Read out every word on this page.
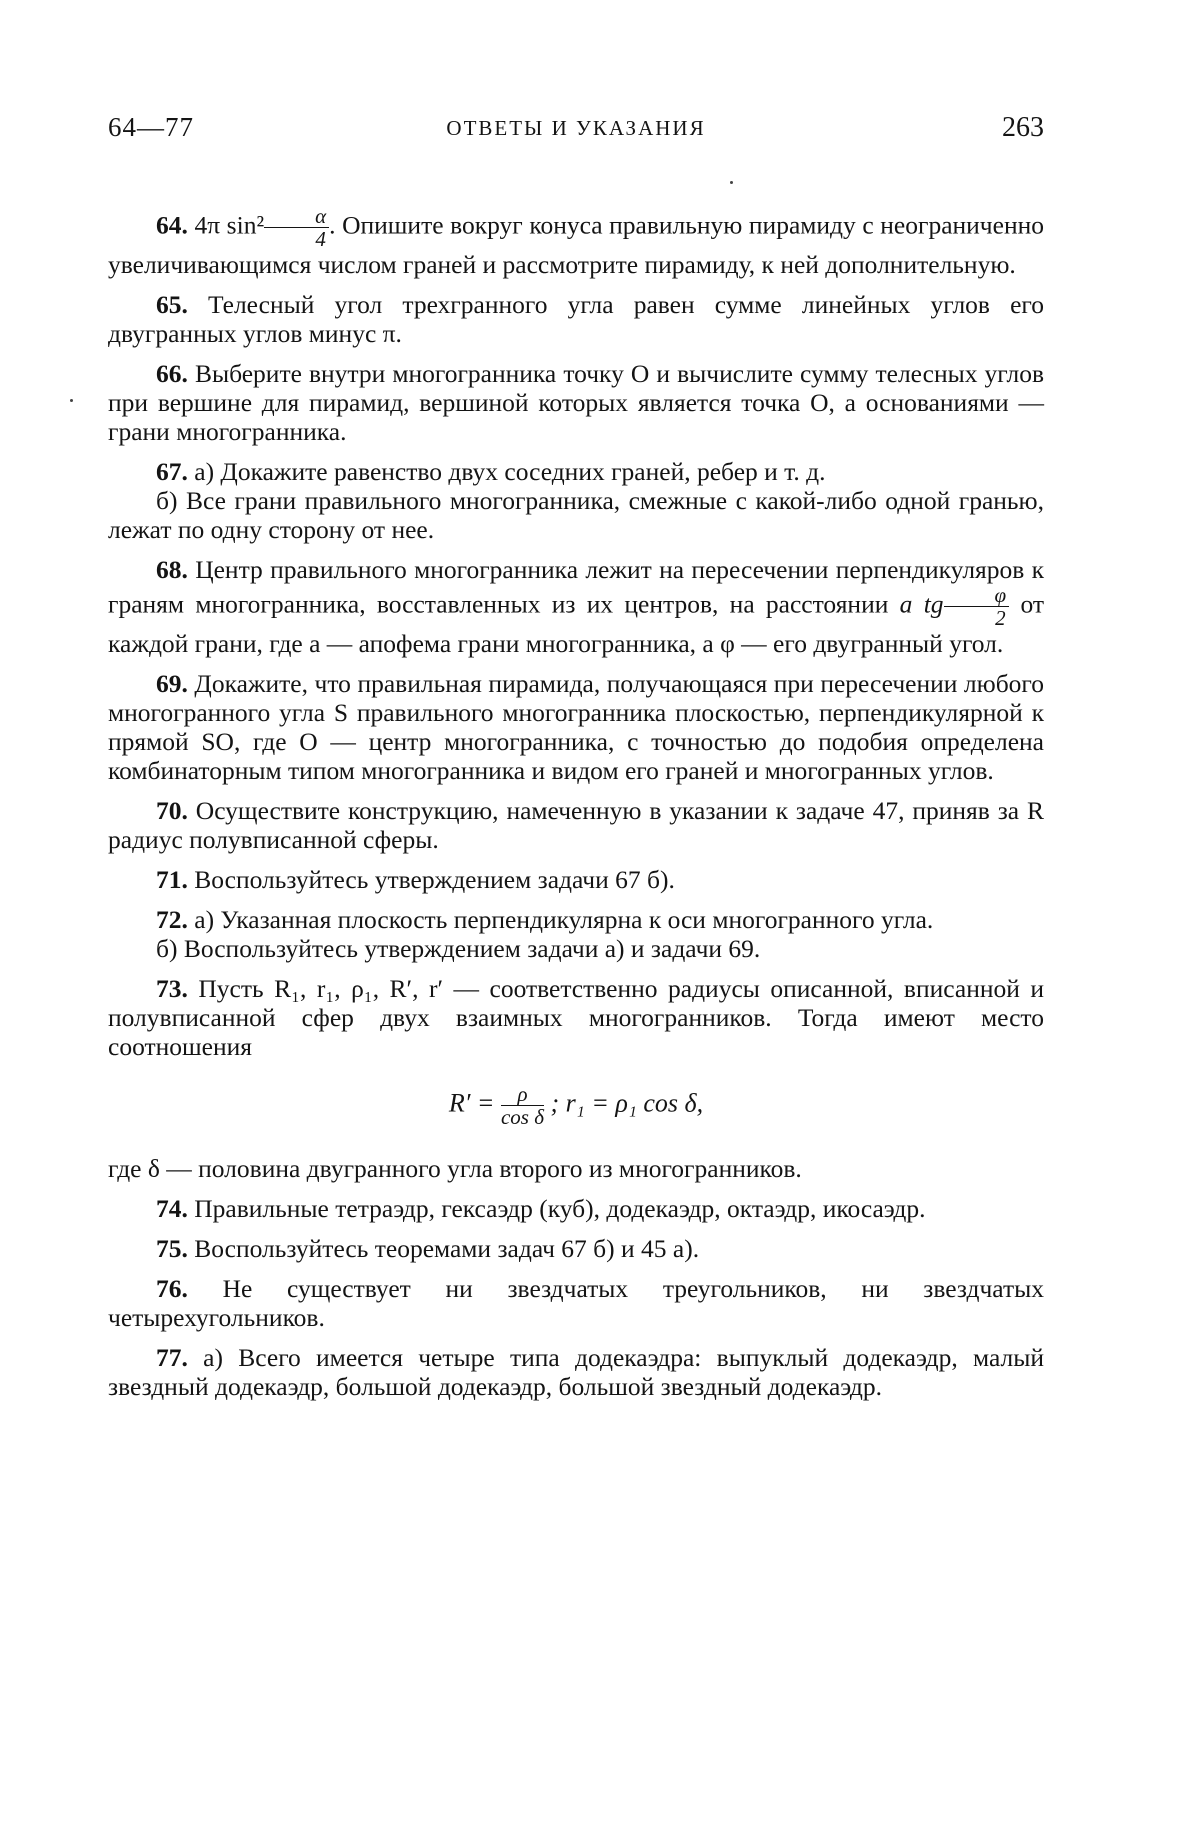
64—77	ОТВЕТЫ И УКАЗАНИЯ	263

64. 4π sin²	α
4 . Опишите вокруг конуса правильную пирамиду с неограниченно увеличивающимся числом граней и рассмотрите пирамиду, к ней дополнительную.

65. Телесный угол трехгранного угла равен сумме линейных углов его двугранных углов минус π.

66. Выберите внутри многогранника точку O и вычислите сумму телесных углов при вершине для пирамид, вершиной которых является точка O, а основаниями — грани многогранника.

67. а) Докажите равенство двух соседних граней, ребер и т. д.

б) Все грани правильного многогранника, смежные с какой-либо одной гранью, лежат по одну сторону от нее.

68. Центр правильного многогранника лежит на пересечении перпендикуляров к граням многогранника, восставленных из их центров, на расстоянии a tg	φ
2 от каждой грани, где a — апофема грани многогранника, а φ — его двугранный угол.

69. Докажите, что правильная пирамида, получающаяся при пересечении любого многогранного угла S правильного многогранника плоскостью, перпендикулярной к прямой SO, где O — центр многогранника, с точностью до подобия определена комбинаторным типом многогранника и видом его граней и многогранных углов.

70. Осуществите конструкцию, намеченную в указании к задаче 47, приняв за R радиус полувписанной сферы.

71. Воспользуйтесь утверждением задачи 67 б).

72. а) Указанная плоскость перпендикулярна к оси многогранного угла.

б) Воспользуйтесь утверждением задачи а) и задачи 69.

73. Пусть R₁, r₁, ρ₁, R′, r′ — соответственно радиусы описанной, вписанной и полувписанной сфер двух взаимных многогранников. Тогда имеют место соотношения

R′ =	ρ
cos δ ; r₁ = ρ₁ cos δ,

где δ — половина двугранного угла второго из многогранников.

74. Правильные тетраэдр, гексаэдр (куб), додекаэдр, октаэдр, икосаэдр.

75. Воспользуйтесь теоремами задач 67 б) и 45 а).

76. Не существует ни звездчатых треугольников, ни звездчатых четырехугольников.

77. а) Всего имеется четыре типа додекаэдра: выпуклый додекаэдр, малый звездный додекаэдр, большой додекаэдр, большой звездный додекаэдр.
